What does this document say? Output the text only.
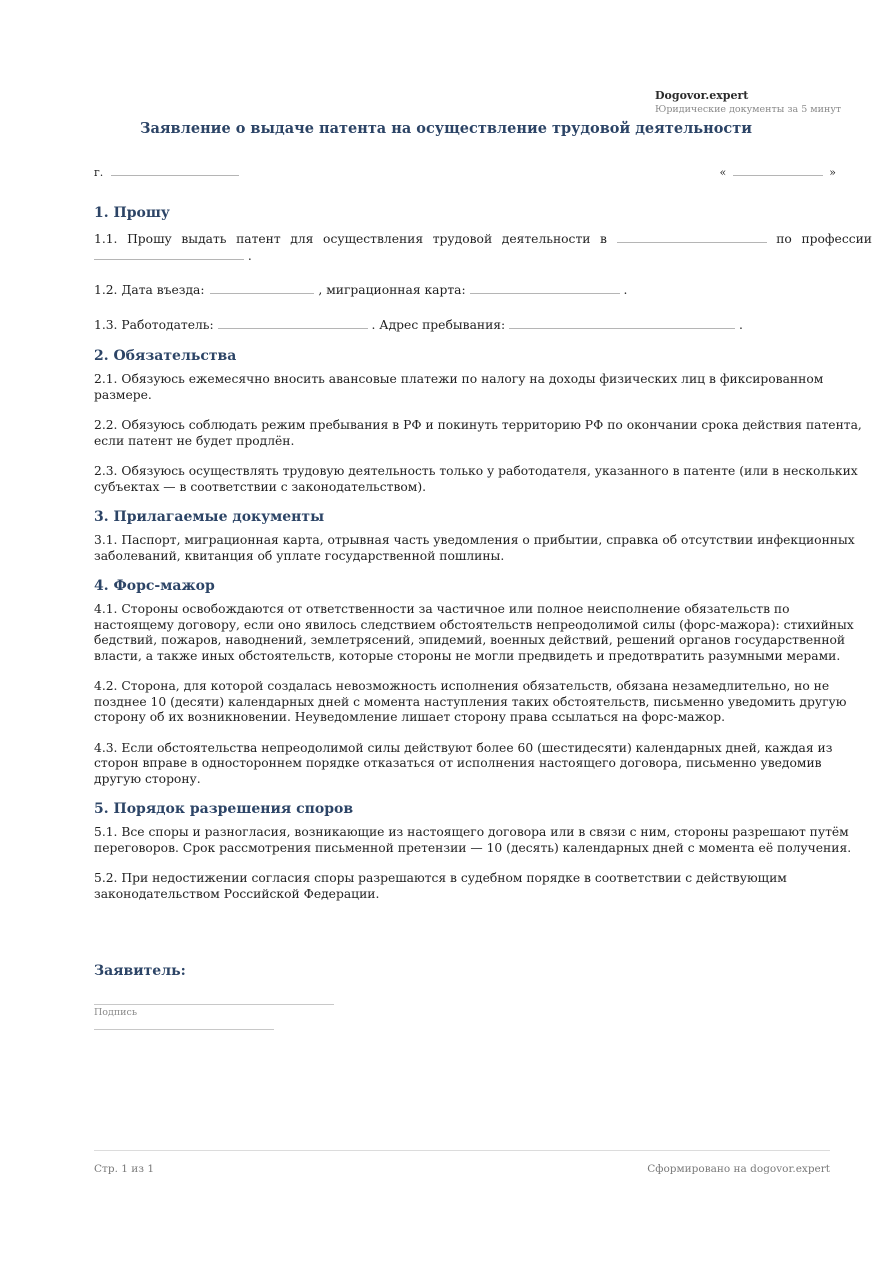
Dogovor.expert
Юридические документы за 5 минут
Заявление о выдаче патента на осуществление трудовой деятельности
г.	«	»
1. Прошу

1.1. Прошу выдать патент для осуществления трудовой деятельности в	по профессии

.

1.2. Дата въезда:	, миграционная карта:	.

1.3. Работодатель:	. Адрес пребывания:	.

2. Обязательства

2.1. Обязуюсь ежемесячно вносить авансовые платежи по налогу на доходы физических лиц в фиксированном размере.

2.2. Обязуюсь соблюдать режим пребывания в РФ и покинуть территорию РФ по окончании срока действия патента, если патент не будет продлён.

2.3. Обязуюсь осуществлять трудовую деятельность только у работодателя, указанного в патенте (или в нескольких субъектах — в соответствии с законодательством).

3. Прилагаемые документы

3.1. Паспорт, миграционная карта, отрывная часть уведомления о прибытии, справка об отсутствии инфекционных заболеваний, квитанция об уплате государственной пошлины.

4. Форс-мажор

4.1. Стороны освобождаются от ответственности за частичное или полное неисполнение обязательств по настоящему договору, если оно явилось следствием обстоятельств непреодолимой силы (форс-мажора): стихийных бедствий, пожаров, наводнений, землетрясений, эпидемий, военных действий, решений органов государственной власти, а также иных обстоятельств, которые стороны не могли предвидеть и предотвратить разумными мерами.

4.2. Сторона, для которой создалась невозможность исполнения обязательств, обязана незамедлительно, но не позднее 10 (десяти) календарных дней с момента наступления таких обстоятельств, письменно уведомить другую сторону об их возникновении. Неуведомление лишает сторону права ссылаться на форс-мажор.

4.3. Если обстоятельства непреодолимой силы действуют более 60 (шестидесяти) календарных дней, каждая из сторон вправе в одностороннем порядке отказаться от исполнения настоящего договора, письменно уведомив другую сторону.

5. Порядок разрешения споров

5.1. Все споры и разногласия, возникающие из настоящего договора или в связи с ним, стороны разрешают путём переговоров. Срок рассмотрения письменной претензии — 10 (десять) календарных дней с момента её получения.

5.2. При недостижении согласия споры разрешаются в судебном порядке в соответствии с действующим законодательством Российской Федерации.

Заявитель:
Подпись
Стр. 1 из 1	Сформировано на dogovor.expert
